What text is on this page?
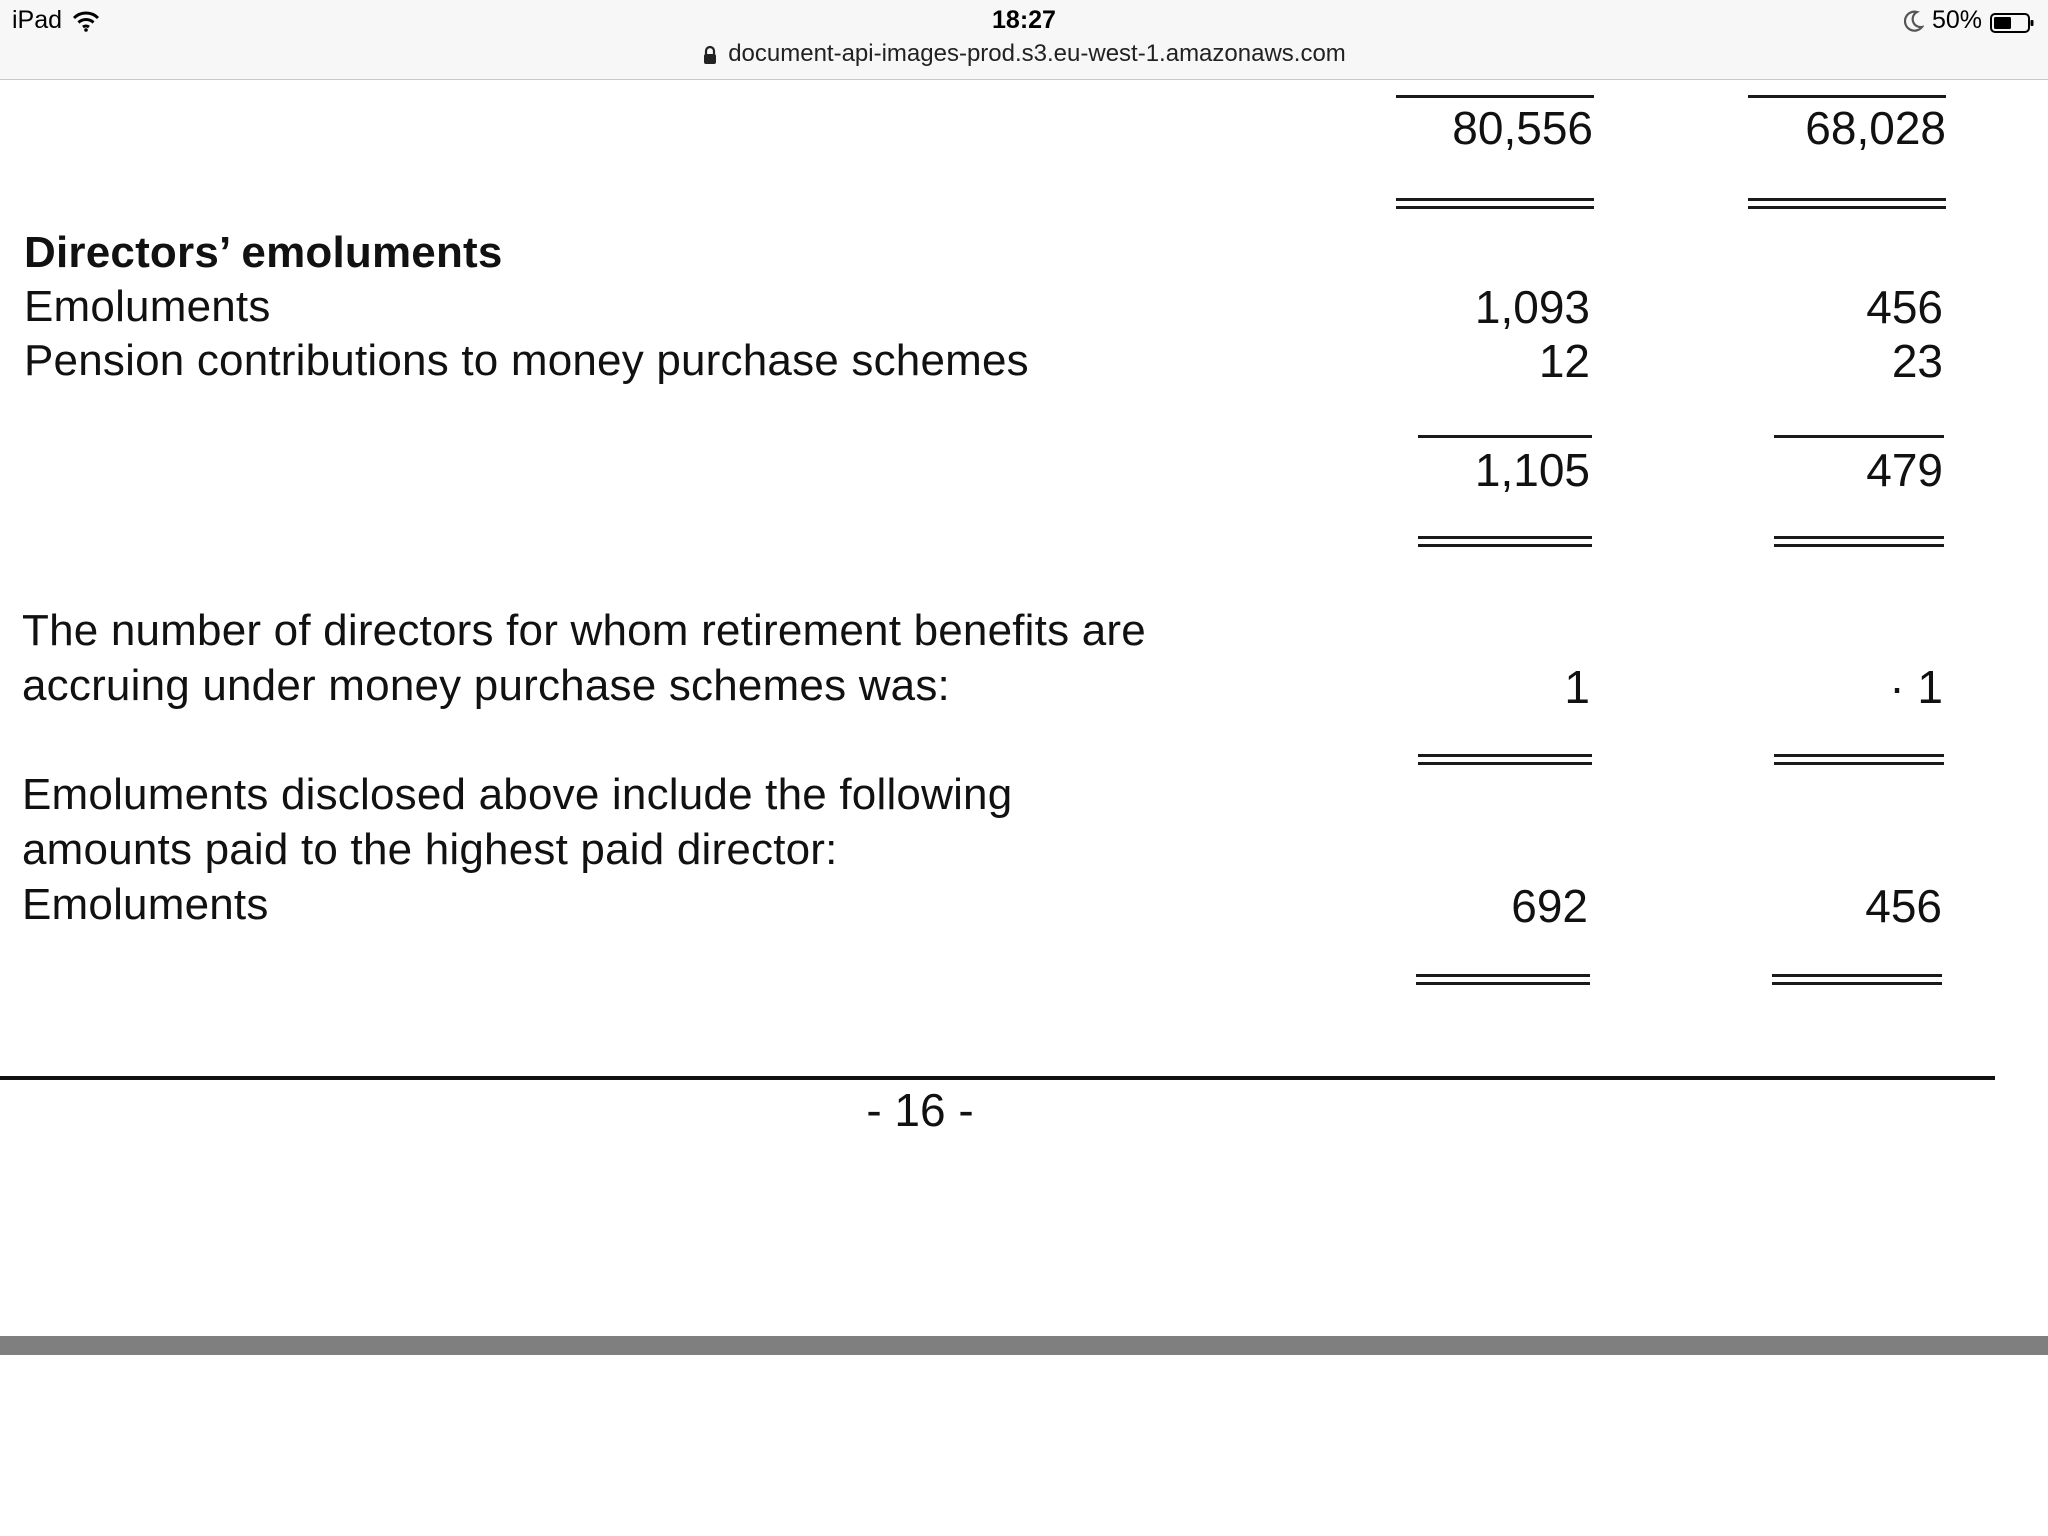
iPad	18:27	50%
document-api-images-prod.s3.eu-west-1.amazonaws.com
80,556	68,028
Directors’ emoluments
Emoluments	1,093	456
Pension contributions to money purchase schemes	12	23
1,105	479
The number of directors for whom retirement benefits are
accruing under money purchase schemes was:	1	· 1
Emoluments disclosed above include the following
amounts paid to the highest paid director:
Emoluments	692	456
- 16 -
